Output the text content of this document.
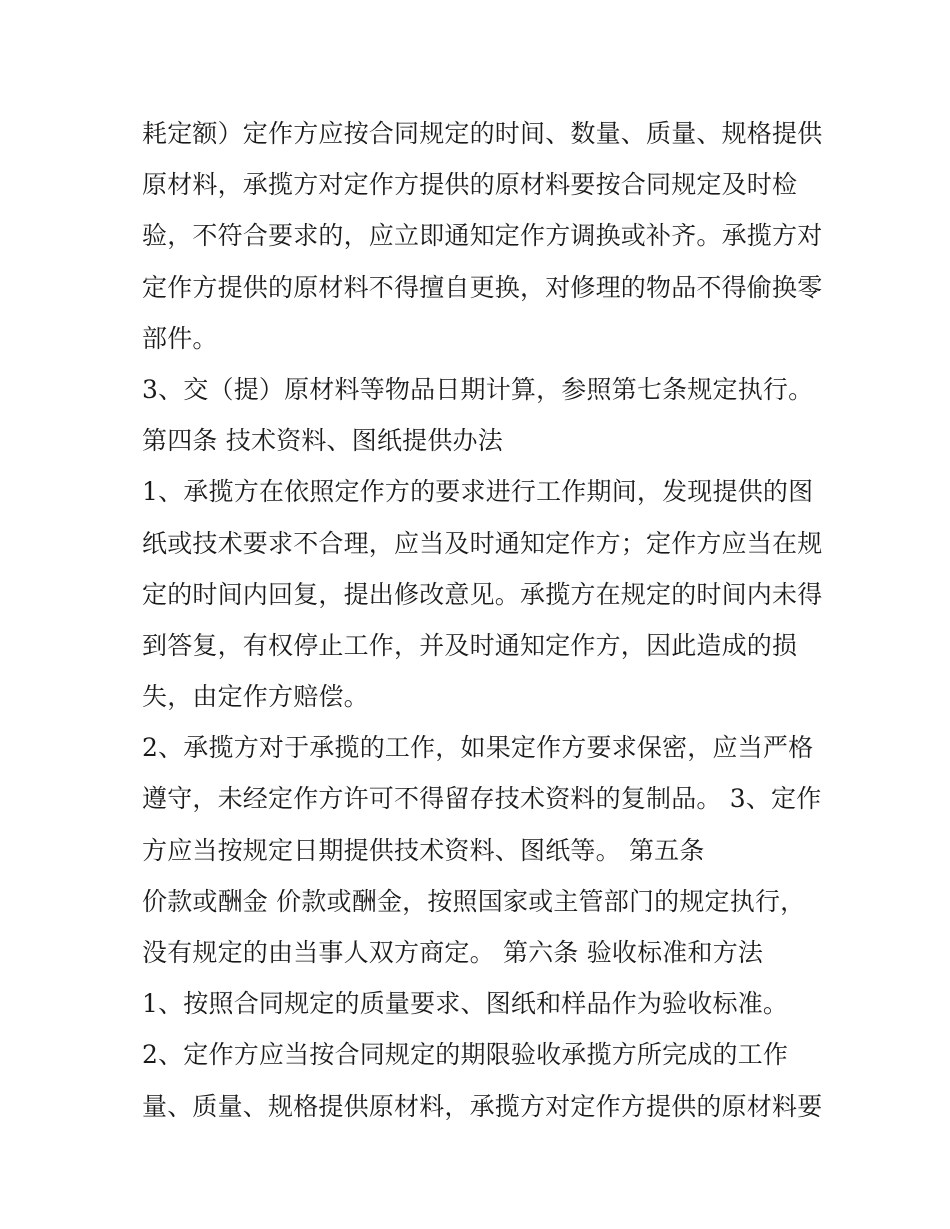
耗定额）定作方应按合同规定的时间、数量、质量、规格提供
原材料，承揽方对定作方提供的原材料要按合同规定及时检
验，不符合要求的，应立即通知定作方调换或补齐。承揽方对
定作方提供的原材料不得擅自更换，对修理的物品不得偷换零
部件。
3、交（提）原材料等物品日期计算，参照第七条规定执行。
第四条 技术资料、图纸提供办法
1、承揽方在依照定作方的要求进行工作期间，发现提供的图
纸或技术要求不合理，应当及时通知定作方；定作方应当在规
定的时间内回复，提出修改意见。承揽方在规定的时间内未得
到答复，有权停止工作，并及时通知定作方，因此造成的损
失，由定作方赔偿。
2、承揽方对于承揽的工作，如果定作方要求保密，应当严格
遵守，未经定作方许可不得留存技术资料的复制品。 3、定作
方应当按规定日期提供技术资料、图纸等。 第五条
价款或酬金 价款或酬金，按照国家或主管部门的规定执行，
没有规定的由当事人双方商定。 第六条 验收标准和方法
1、按照合同规定的质量要求、图纸和样品作为验收标准。
2、定作方应当按合同规定的期限验收承揽方所完成的工作
量、质量、规格提供原材料，承揽方对定作方提供的原材料要
